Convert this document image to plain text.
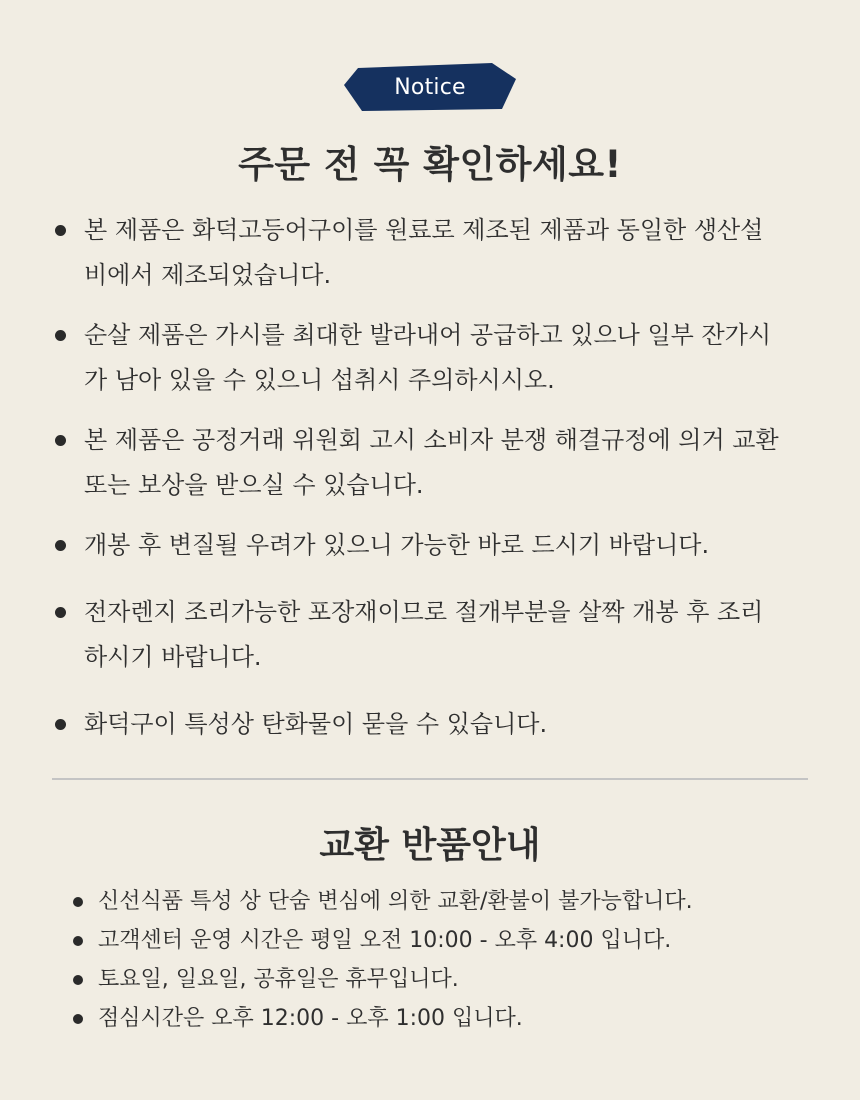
Notice
주문 전 꼭 확인하세요!
본 제품은 화덕고등어구이를 원료로 제조된 제품과 동일한 생산설
비에서 제조되었습니다.
순살 제품은 가시를 최대한 발라내어 공급하고 있으나 일부 잔가시
가 남아 있을 수 있으니 섭취시 주의하시시오.
본 제품은 공정거래 위원회 고시 소비자 분쟁 해결규정에 의거 교환
또는 보상을 받으실 수 있습니다.
개봉 후 변질될 우려가 있으니 가능한 바로 드시기 바랍니다.
전자렌지 조리가능한 포장재이므로 절개부분을 살짝 개봉 후 조리
하시기 바랍니다.
화덕구이 특성상 탄화물이 묻을 수 있습니다.
교환 반품안내
신선식품 특성 상 단숨 변심에 의한 교환/환불이 불가능합니다.
고객센터 운영 시간은 평일 오전 10:00 - 오후 4:00 입니다.
토요일, 일요일, 공휴일은 휴무입니다.
점심시간은 오후 12:00 - 오후 1:00 입니다.
